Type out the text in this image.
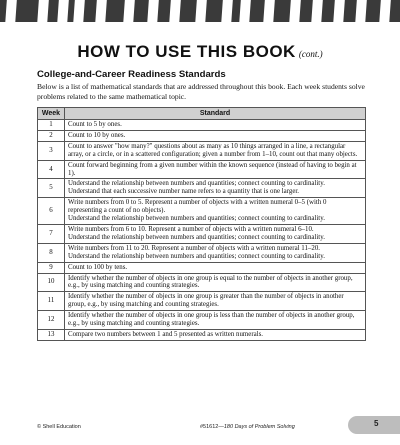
HOW TO USE THIS BOOK (cont.)
College-and-Career Readiness Standards
Below is a list of mathematical standards that are addressed throughout this book. Each week students solve problems related to the same mathematical topic.
Week	Standard
1	Count to 5 by ones.

2	Count to 10 by ones.

3	Count to answer "how many?" questions about as many as 10 things arranged in a line, a rectangular array, or a circle, or in a scattered configuration; given a number from 1–10, count out that many objects.

4	Count forward beginning from a given number within the known sequence (instead of having to begin at 1).

5	Understand the relationship between numbers and quantities; connect counting to cardinality.
Understand that each successive number name refers to a quantity that is one larger.

6	Write numbers from 0 to 5. Represent a number of objects with a written numeral 0–5 (with 0 representing a count of no objects).
Understand the relationship between numbers and quantities; connect counting to cardinality.

7	Write numbers from 6 to 10. Represent a number of objects with a written numeral 6–10.
Understand the relationship between numbers and quantities; connect counting to cardinality.

8	Write numbers from 11 to 20. Represent a number of objects with a written numeral 11–20.
Understand the relationship between numbers and quantities; connect counting to cardinality.

9	Count to 100 by tens.

10	Identify whether the number of objects in one group is equal to the number of objects in another group, e.g., by using matching and counting strategies.

11	Identify whether the number of objects in one group is greater than the number of objects in another group, e.g., by using matching and counting strategies.

12	Identify whether the number of objects in one group is less than the number of objects in another group, e.g., by using matching and counting strategies.

13	Compare two numbers between 1 and 5 presented as written numerals.
© Shell Education	#51612—180 Days of Problem Solving	5
